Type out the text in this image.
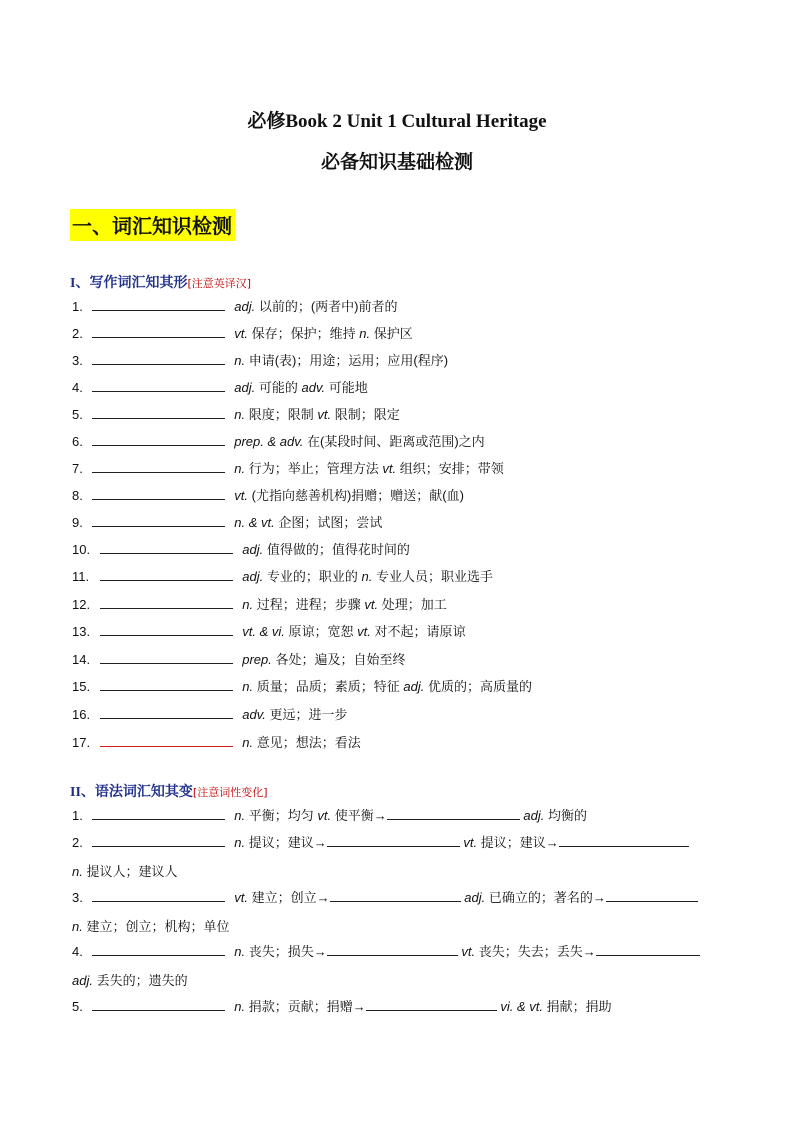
必修Book 2 Unit 1 Cultural Heritage
必备知识基础检测
一、词汇知识检测
I、写作词汇知其形[注意英译汉]
1.	adj. 以前的；(两者中)前者的
2.	vt. 保存；保护；维持 n. 保护区
3.	n. 申请(表)；用途；运用；应用(程序)
4.	adj. 可能的 adv. 可能地
5.	n. 限度；限制 vt. 限制；限定
6.	prep. & adv. 在(某段时间、距离或范围)之内
7.	n. 行为；举止；管理方法 vt. 组织；安排；带领
8.	vt. (尤指向慈善机构)捐赠；赠送；献(血)
9.	n. & vt. 企图；试图；尝试
10.	adj. 值得做的；值得花时间的
11.	adj. 专业的；职业的 n. 专业人员；职业选手
12.	n. 过程；进程；步骤 vt. 处理；加工
13.	vt. & vi. 原谅；宽恕 vt. 对不起；请原谅
14.	prep. 各处；遍及；自始至终
15.	n. 质量；品质；素质；特征 adj. 优质的；高质量的
16.	adv. 更远；进一步
17.	n. 意见；想法；看法
II、语法词汇知其变[注意词性变化]
1.	n. 平衡；均匀 vt. 使平衡→	adj. 均衡的
2.	n. 提议；建议→	vt. 提议；建议→
n. 提议人；建议人
3.	vt. 建立；创立→	adj. 已确立的；著名的→
n. 建立；创立；机构；单位
4.	n. 丧失；损失→	vt. 丧失；失去；丢失→
adj. 丢失的；遗失的
5.	n. 捐款；贡献；捐赠→	vi. & vt. 捐献；捐助
